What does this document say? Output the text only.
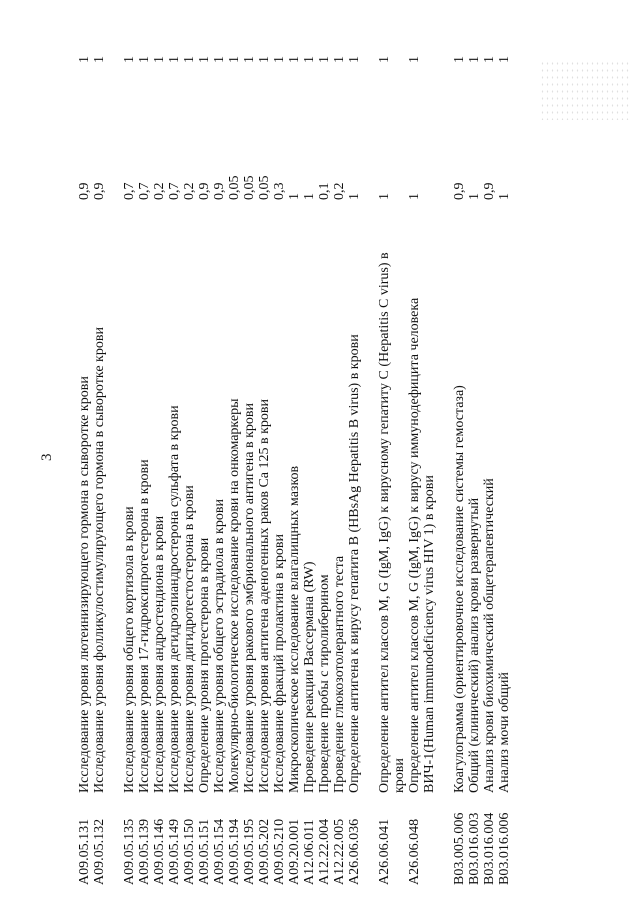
3
A09.05.131
Исследование уровня лютеинизирующего гормона в сыворотке крови
0,9
1
A09.05.132
Исследование уровня фолликулостимулирующего гормона в сыворотке крови
0,9
1
A09.05.135
Исследование уровня общего кортизола в крови
0,7
1
A09.05.139
Исследование уровня 17-гидроксипрогестерона в крови
0,7
1
A09.05.146
Исследование уровня андростендиона в крови
0,2
1
A09.05.149
Исследование уровня дегидроэпиандростерона сульфата в крови
0,7
1
A09.05.150
Исследование уровня дигидротестостерона в крови
0,2
1
A09.05.151
Определение уровня прогестерона в крови
0,9
1
A09.05.154
Исследование уровня общего эстрадиола в крови
0,9
1
A09.05.194
Молекулярно-биологическое исследование крови на онкомаркеры
0,05
1
A09.05.195
Исследование уровня ракового эмбрионального антигена в крови
0,05
1
A09.05.202
Исследование уровня антигена аденогенных раков Ca 125 в крови
0,05
1
A09.05.210
Исследование фракций пролактина в крови
0,3
1
A09.20.001
Микроскопическое исследование влагалищных мазков
1
1
A12.06.011
Проведение реакции Вассермана (RW)
1
1
A12.22.004
Проведение пробы с тиролиберином
0,1
1
A12.22.005
Проведение глюкозотолерантного теста
0,2
1
A26.06.036
Определение антигена к вирусу гепатита B (HBsAg Hepatitis B virus) в крови
1
1
A26.06.041
Определение антител классов M, G (IgM, IgG) к вирусному гепатиту C (Hepatitis C virus) в крови
1
1
A26.06.048
Определение антител классов M, G (IgM, IgG) к вирусу иммунодефицита человека ВИЧ-1(Human immunodeficiency virus HIV 1) в крови
1
1
B03.005.006
Коагулограмма (ориентировочное исследование системы гемостаза)
0,9
1
B03.016.003
Общий (клинический) анализ крови развернутый
1
1
B03.016.004
Анализ крови биохимический общетерапевтический
0,9
1
B03.016.006
Анализ мочи общий
1
1
